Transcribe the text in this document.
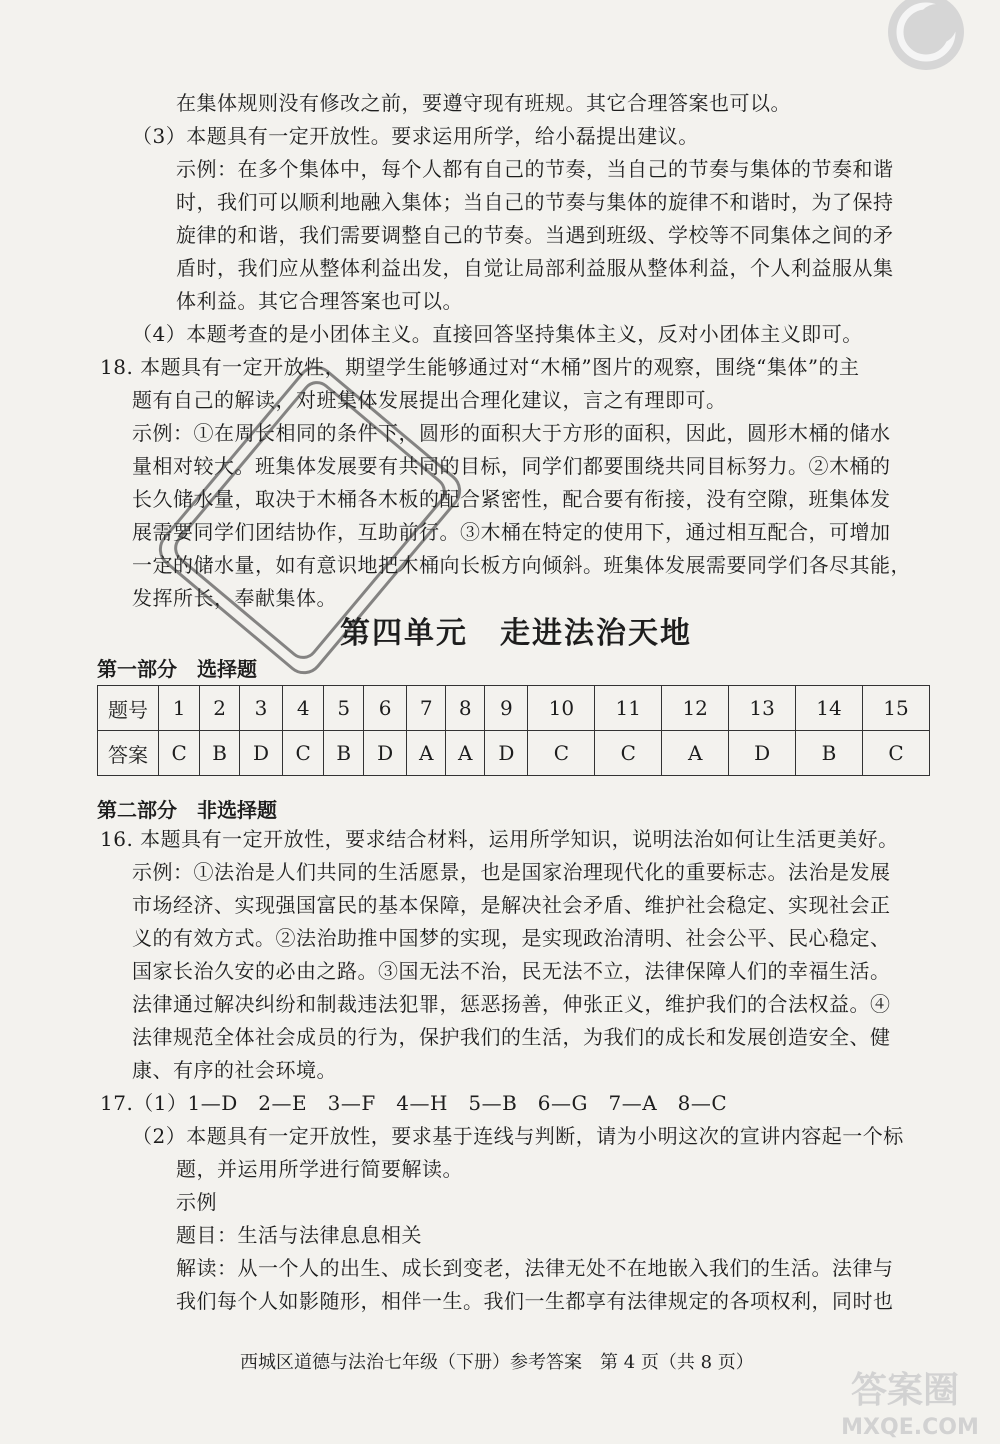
在集体规则没有修改之前，要遵守现有班规。其它合理答案也可以。
（3）本题具有一定开放性。要求运用所学，给小磊提出建议。
示例：在多个集体中，每个人都有自己的节奏，当自己的节奏与集体的节奏和谐
时，我们可以顺利地融入集体；当自己的节奏与集体的旋律不和谐时，为了保持
旋律的和谐，我们需要调整自己的节奏。当遇到班级、学校等不同集体之间的矛
盾时，我们应从整体利益出发，自觉让局部利益服从整体利益，个人利益服从集
体利益。其它合理答案也可以。
（4）本题考查的是小团体主义。直接回答坚持集体主义，反对小团体主义即可。
18. 本题具有一定开放性，期望学生能够通过对“木桶”图片的观察，围绕“集体”的主
题有自己的解读，对班集体发展提出合理化建议，言之有理即可。
示例：①在周长相同的条件下，圆形的面积大于方形的面积，因此，圆形木桶的储水
量相对较大。班集体发展要有共同的目标，同学们都要围绕共同目标努力。②木桶的
长久储水量，取决于木桶各木板的配合紧密性，配合要有衔接，没有空隙，班集体发
展需要同学们团结协作，互助前行。③木桶在特定的使用下，通过相互配合，可增加
一定的储水量，如有意识地把木桶向长板方向倾斜。班集体发展需要同学们各尽其能，
发挥所长，奉献集体。
第四单元　走进法治天地
第一部分　选择题
题号	1	2	3	4	5	6	7	8	9	10	11	12	13	14	15
答案	C	B	D	C	B	D	A	A	D	C	C	A	D	B	C
第二部分　非选择题
16. 本题具有一定开放性，要求结合材料，运用所学知识，说明法治如何让生活更美好。
示例：①法治是人们共同的生活愿景，也是国家治理现代化的重要标志。法治是发展
市场经济、实现强国富民的基本保障，是解决社会矛盾、维护社会稳定、实现社会正
义的有效方式。②法治助推中国梦的实现，是实现政治清明、社会公平、民心稳定、
国家长治久安的必由之路。③国无法不治，民无法不立，法律保障人们的幸福生活。
法律通过解决纠纷和制裁违法犯罪，惩恶扬善，伸张正义，维护我们的合法权益。④
法律规范全体社会成员的行为，保护我们的生活，为我们的成长和发展创造安全、健
康、有序的社会环境。
17.（1）1—D　2—E　3—F　4—H　5—B　6—G　7—A　8—C
（2）本题具有一定开放性，要求基于连线与判断，请为小明这次的宣讲内容起一个标
题，并运用所学进行简要解读。
示例
题目：生活与法律息息相关
解读：从一个人的出生、成长到变老，法律无处不在地嵌入我们的生活。法律与
我们每个人如影随形，相伴一生。我们一生都享有法律规定的各项权利，同时也
西城区道德与法治七年级（下册）参考答案　第 4 页（共 8 页）
答案圈
MXQE.COM
